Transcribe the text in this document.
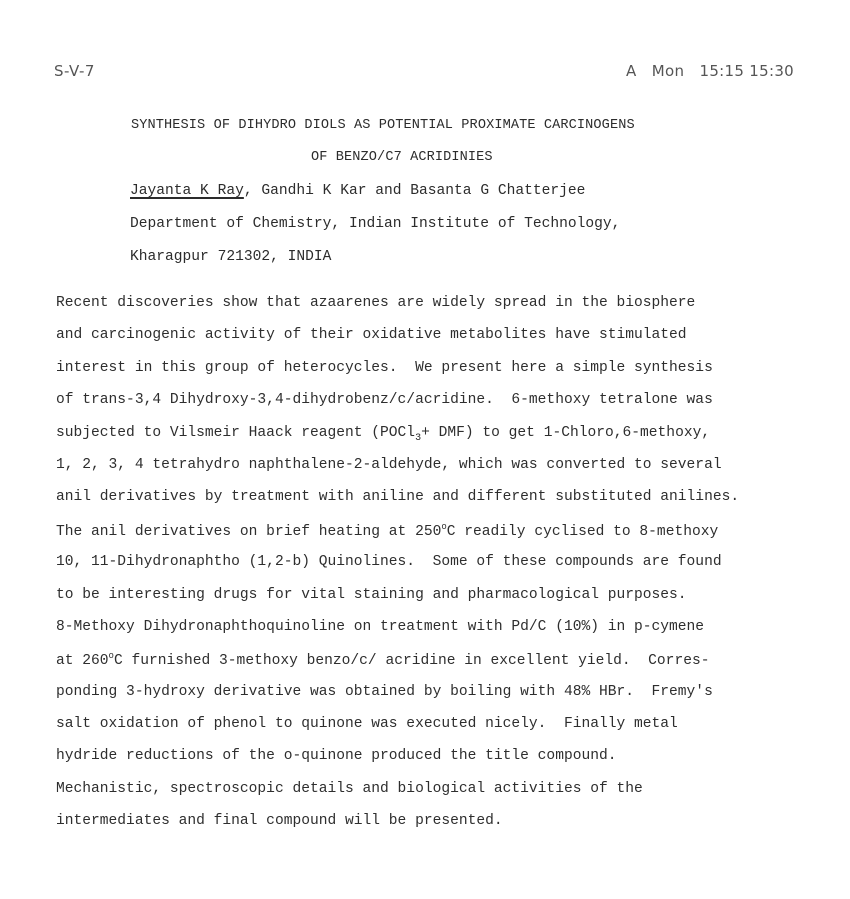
S-V-7	A   Mon   15:15 15:30
SYNTHESIS OF DIHYDRO DIOLS AS POTENTIAL PROXIMATE CARCINOGENS
OF BENZO/C7 ACRIDINIES
Jayanta K Ray, Gandhi K Kar and Basanta G Chatterjee
Department of Chemistry, Indian Institute of Technology,
Kharagpur 721302, INDIA
Recent discoveries show that azaarenes are widely spread in the biosphere
and carcinogenic activity of their oxidative metabolites have stimulated
interest in this group of heterocycles.  We present here a simple synthesis
of trans-3,4 Dihydroxy-3,4-dihydrobenz/c/acridine.  6-methoxy tetralone was
subjected to Vilsmeir Haack reagent (POCl$_3$+ DMF) to get 1-Chloro,6-methoxy,
1, 2, 3, 4 tetrahydro naphthalene-2-aldehyde, which was converted to several
anil derivatives by treatment with aniline and different substituted anilines.
The anil derivatives on brief heating at 250$^o$C readily cyclised to 8-methoxy
10, 11-Dihydronaphtho (1,2-b) Quinolines.  Some of these compounds are found
to be interesting drugs for vital staining and pharmacological purposes.
8-Methoxy Dihydronaphthoquinoline on treatment with Pd/C (10%) in p-cymene
at 260$^o$C furnished 3-methoxy benzo/c/ acridine in excellent yield.  Corres-
ponding 3-hydroxy derivative was obtained by boiling with 48% HBr.  Fremy's
salt oxidation of phenol to quinone was executed nicely.  Finally metal
hydride reductions of the o-quinone produced the title compound.
Mechanistic, spectroscopic details and biological activities of the
intermediates and final compound will be presented.
